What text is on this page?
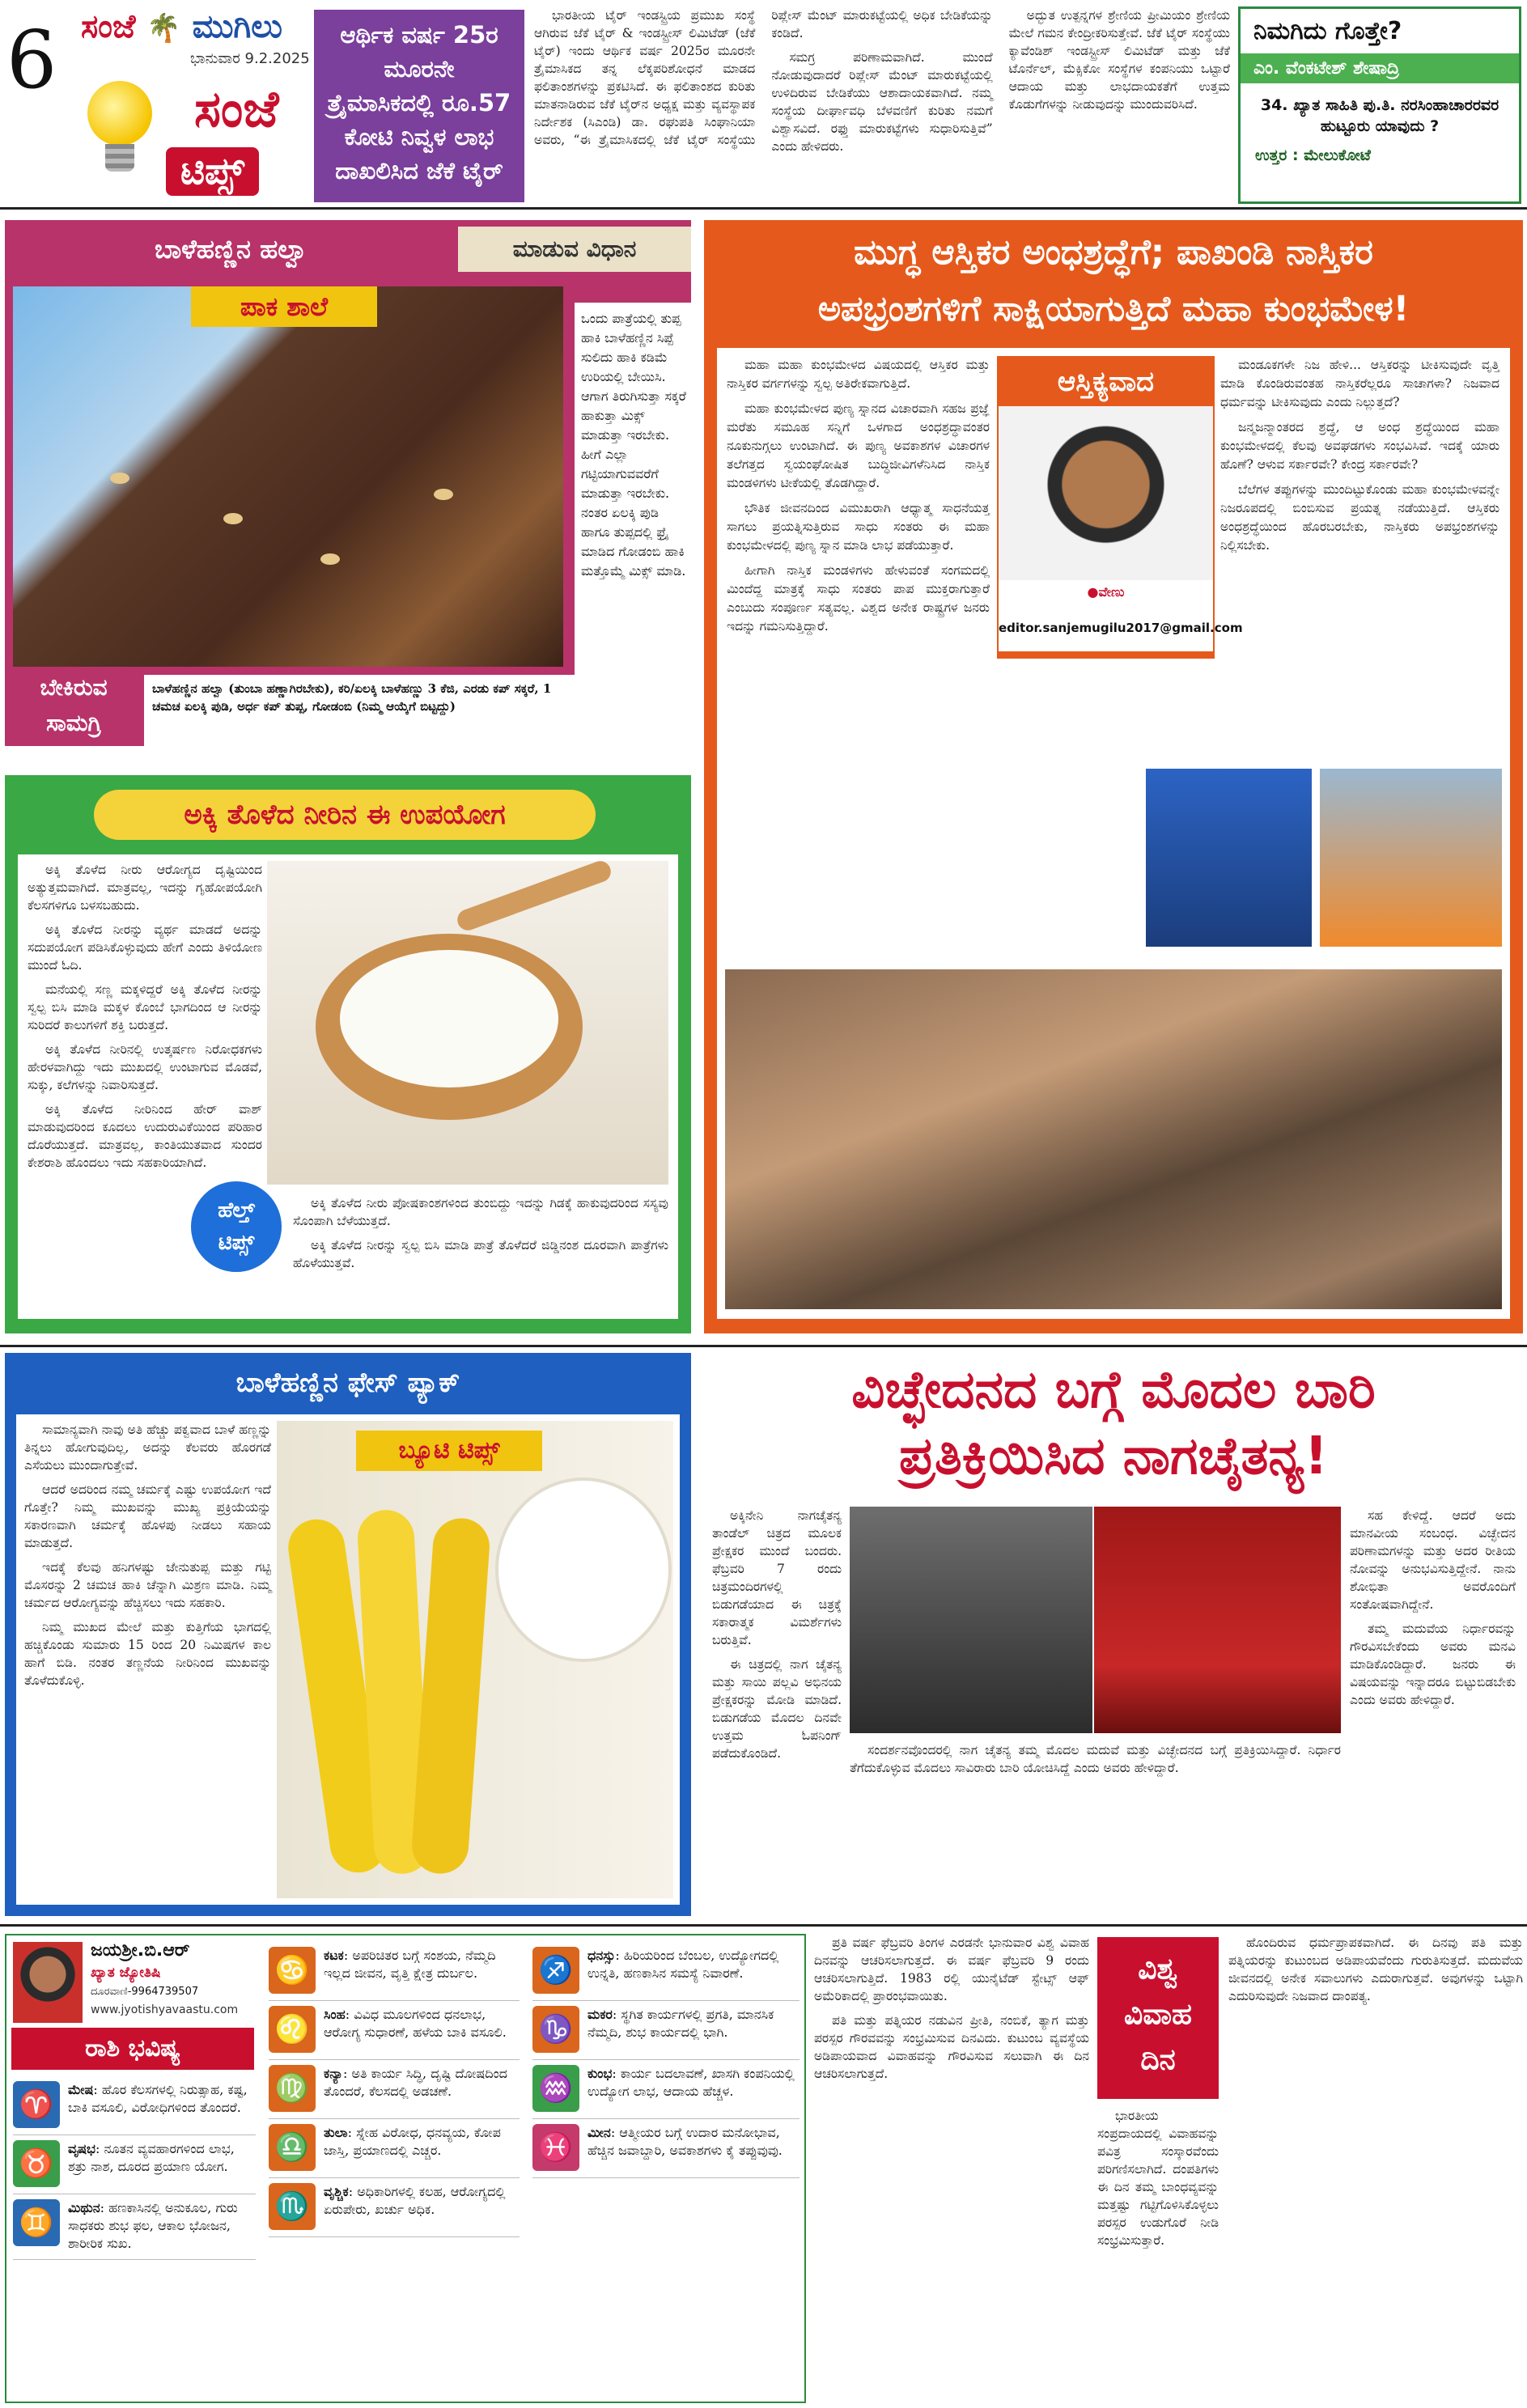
6 ಸಂಜೆ 🌴 ಮುಗಿಲು
ಭಾನುವಾರ 9.2.2025
ಸಂಜೆ
ಟಿಪ್ಸ್
ಆರ್ಥಿಕ ವರ್ಷ 25ರ ಮೂರನೇ ತ್ರೈಮಾಸಿಕದಲ್ಲಿ ರೂ.57 ಕೋಟಿ ನಿವ್ವಳ ಲಾಭ ದಾಖಲಿಸಿದ ಜೆಕೆ ಟೈರ್

ಭಾರತೀಯ ಟೈರ್ ಇಂಡಸ್ಟ್ರಿಯ ಪ್ರಮುಖ ಸಂಸ್ಥೆ ಆಗಿರುವ ಜೆಕೆ ಟೈರ್ & ಇಂಡಸ್ಟ್ರೀಸ್ ಲಿಮಿಟೆಡ್ (ಜೆಕೆ ಟೈರ್) ಇಂದು ಆರ್ಥಿಕ ವರ್ಷ 2025ರ ಮೂರನೇ ತ್ರೈಮಾಸಿಕದ ತನ್ನ ಲೆಕ್ಕಪರಿಶೋಧನೆ ಮಾಡದ ಫಲಿತಾಂಶಗಳನ್ನು ಪ್ರಕಟಿಸಿದೆ. ಈ ಫಲಿತಾಂಶದ ಕುರಿತು ಮಾತನಾಡಿರುವ ಜೆಕೆ ಟೈರ್‌ನ ಅಧ್ಯಕ್ಷ ಮತ್ತು ವ್ಯವಸ್ಥಾಪಕ ನಿರ್ದೇಶಕ (ಸಿಎಂಡಿ) ಡಾ. ರಘುಪತಿ ಸಿಂಘಾನಿಯಾ ಅವರು, “ಈ ತ್ರೈಮಾಸಿಕದಲ್ಲಿ ಜೆಕೆ ಟೈರ್ ಸಂಸ್ಥೆಯು ರಿಪ್ಲೇಸ್ ಮೆಂಟ್ ಮಾರುಕಟ್ಟೆಯಲ್ಲಿ ಅಧಿಕ ಬೇಡಿಕೆಯನ್ನು ಕಂಡಿದೆ.

ಸಮಗ್ರ ಪರಿಣಾಮವಾಗಿದೆ. ಮುಂದೆ ನೋಡುವುದಾದರೆ ರಿಪ್ಲೇಸ್ ಮೆಂಟ್ ಮಾರುಕಟ್ಟೆಯಲ್ಲಿ ಉಳಿದಿರುವ ಬೇಡಿಕೆಯು ಆಶಾದಾಯಕವಾಗಿದೆ. ನಮ್ಮ ಸಂಸ್ಥೆಯ ದೀರ್ಘಾವಧಿ ಬೆಳವಣಿಗೆ ಕುರಿತು ನಮಗೆ ವಿಶ್ವಾಸವಿದೆ. ರಫ್ತು ಮಾರುಕಟ್ಟೆಗಳು ಸುಧಾರಿಸುತ್ತಿವೆ” ಎಂದು ಹೇಳಿದರು.

ಅದ್ಭುತ ಉತ್ಪನ್ನಗಳ ಶ್ರೇಣಿಯ ಪ್ರೀಮಿಯಂ ಶ್ರೇಣಿಯ ಮೇಲೆ ಗಮನ ಕೇಂದ್ರೀಕರಿಸುತ್ತೇವೆ. ಜೆಕೆ ಟೈರ್ ಸಂಸ್ಥೆಯು ಕ್ಯಾವೆಂಡಿಶ್ ಇಂಡಸ್ಟ್ರೀಸ್ ಲಿಮಿಟೆಡ್ ಮತ್ತು ಜೆಕೆ ಟೊರ್ನೆಲ್, ಮೆಕ್ಸಿಕೋ ಸಂಸ್ಥೆಗಳ ಕಂಪನಿಯು ಒಟ್ಟಾರೆ ಆದಾಯ ಮತ್ತು ಲಾಭದಾಯಕತೆಗೆ ಉತ್ತಮ ಕೊಡುಗೆಗಳನ್ನು ನೀಡುವುದನ್ನು ಮುಂದುವರಿಸಿದೆ.

ನಿಮಗಿದು ಗೊತ್ತೇ?
ಎಂ. ವೆಂಕಟೇಶ್ ಶೇಷಾದ್ರಿ
34. ಖ್ಯಾತ ಸಾಹಿತಿ ಪು.ತಿ. ನರಸಿಂಹಾಚಾರರವರ ಹುಟ್ಟೂರು ಯಾವುದು ?
ಉತ್ತರ : ಮೇಲುಕೋಟೆ
ಬಾಳೆಹಣ್ಣಿನ ಹಲ್ವಾ	ಮಾಡುವ ವಿಧಾನ
ಪಾಕ ಶಾಲೆ	ಒಂದು ಪಾತ್ರೆಯಲ್ಲಿ ತುಪ್ಪ ಹಾಕಿ ಬಾಳೆಹಣ್ಣಿನ ಸಿಪ್ಪೆ ಸುಲಿದು ಹಾಕಿ ಕಡಿಮೆ ಉರಿಯಲ್ಲಿ ಬೇಯಿಸಿ. ಆಗಾಗ ತಿರುಗಿಸುತ್ತಾ ಸಕ್ಕರೆ ಹಾಕುತ್ತಾ ಮಿಕ್ಸ್ ಮಾಡುತ್ತಾ ಇರಬೇಕು. ಹೀಗೆ ಎಲ್ಲಾ ಗಟ್ಟಿಯಾಗುವವರೆಗೆ ಮಾಡುತ್ತಾ ಇರಬೇಕು. ನಂತರ ಏಲಕ್ಕಿ ಪುಡಿ ಹಾಗೂ ತುಪ್ಪದಲ್ಲಿ ಫ್ರೈ ಮಾಡಿದ ಗೋಡಂಬಿ ಹಾಕಿ ಮತ್ತೊಮ್ಮೆ ಮಿಕ್ಸ್ ಮಾಡಿ.
ಬೇಕಿರುವ ಸಾಮಗ್ರಿ
ಬಾಳೆಹಣ್ಣಿನ ಹಲ್ವಾ (ತುಂಬಾ ಹಣ್ಣಾಗಿರಬೇಕು), ಕರಿ/ಏಲಕ್ಕಿ ಬಾಳೆಹಣ್ಣು 3 ಕೆಜಿ, ಎರಡು ಕಪ್ ಸಕ್ಕರೆ, 1 ಚಮಚ ಏಲಕ್ಕಿ ಪುಡಿ, ಅರ್ಧ ಕಪ್ ತುಪ್ಪ, ಗೋಡಂಬಿ (ನಿಮ್ಮ ಆಯ್ಕೆಗೆ ಬಿಟ್ಟದ್ದು)
ಅಕ್ಕಿ ತೊಳೆದ ನೀರಿನ ಈ ಉಪಯೋಗ

ಅಕ್ಕಿ ತೊಳೆದ ನೀರು ಆರೋಗ್ಯದ ದೃಷ್ಟಿಯಿಂದ ಅತ್ಯುತ್ತಮವಾಗಿದೆ. ಮಾತ್ರವಲ್ಲ, ಇದನ್ನು ಗೃಹೋಪಯೋಗಿ ಕೆಲಸಗಳಿಗೂ ಬಳಸಬಹುದು.

ಅಕ್ಕಿ ತೊಳೆದ ನೀರನ್ನು ವ್ಯರ್ಥ ಮಾಡದೆ ಅದನ್ನು ಸದುಪಯೋಗ ಪಡಿಸಿಕೊಳ್ಳುವುದು ಹೇಗೆ ಎಂದು ತಿಳಿಯೋಣ ಮುಂದೆ ಓದಿ.

ಮನೆಯಲ್ಲಿ ಸಣ್ಣ ಮಕ್ಕಳಿದ್ದರೆ ಅಕ್ಕಿ ತೊಳೆದ ನೀರನ್ನು ಸ್ವಲ್ಪ ಬಿಸಿ ಮಾಡಿ ಮಕ್ಕಳ ಕೊಂಬೆ ಭಾಗದಿಂದ ಆ ನೀರನ್ನು ಸುರಿದರೆ ಕಾಲುಗಳಿಗೆ ಶಕ್ತಿ ಬರುತ್ತದೆ.

ಅಕ್ಕಿ ತೊಳೆದ ನೀರಿನಲ್ಲಿ ಉತ್ಕರ್ಷಣ ನಿರೋಧಕಗಳು ಹೇರಳವಾಗಿದ್ದು ಇದು ಮುಖದಲ್ಲಿ ಉಂಟಾಗುವ ಮೊಡವೆ, ಸುಕ್ಕು, ಕಲೆಗಳನ್ನು ನಿವಾರಿಸುತ್ತದೆ.

ಅಕ್ಕಿ ತೊಳೆದ ನೀರಿನಿಂದ ಹೇರ್ ವಾಶ್ ಮಾಡುವುದರಿಂದ ಕೂದಲು ಉದುರುವಿಕೆಯಿಂದ ಪರಿಹಾರ ದೊರೆಯುತ್ತದೆ. ಮಾತ್ರವಲ್ಲ, ಕಾಂತಿಯುತವಾದ ಸುಂದರ ಕೇಶರಾಶಿ ಹೊಂದಲು ಇದು ಸಹಕಾರಿಯಾಗಿದೆ.

ಹೆಲ್ತ್
ಟಿಪ್ಸ್

ಅಕ್ಕಿ ತೊಳೆದ ನೀರು ಪೋಷಕಾಂಶಗಳಿಂದ ತುಂಬಿದ್ದು ಇದನ್ನು ಗಿಡಕ್ಕೆ ಹಾಕುವುದರಿಂದ ಸಸ್ಯವು ಸೊಂಪಾಗಿ ಬೆಳೆಯುತ್ತದೆ.

ಅಕ್ಕಿ ತೊಳೆದ ನೀರನ್ನು ಸ್ವಲ್ಪ ಬಿಸಿ ಮಾಡಿ ಪಾತ್ರೆ ತೊಳೆದರೆ ಜಿಡ್ಡಿನಂಶ ದೂರವಾಗಿ ಪಾತ್ರೆಗಳು ಹೊಳೆಯುತ್ತವೆ.

ಮುಗ್ಧ ಆಸ್ತಿಕರ ಅಂಧಶ್ರದ್ಧೆಗೆ; ಪಾಖಂಡಿ ನಾಸ್ತಿಕರ
ಅಪಭ್ರಂಶಗಳಿಗೆ ಸಾಕ್ಷಿಯಾಗುತ್ತಿದೆ ಮಹಾ ಕುಂಭಮೇಳ!

ಮಹಾ ಮಹಾ ಕುಂಭಮೇಳದ ವಿಷಯದಲ್ಲಿ ಆಸ್ತಿಕರ ಮತ್ತು ನಾಸ್ತಿಕರ ವರ್ಗಗಳನ್ನು ಸ್ವಲ್ಪ ಅತಿರೇಕವಾಗುತ್ತಿದೆ.

ಮಹಾ ಕುಂಭಮೇಳದ ಪುಣ್ಯ ಸ್ನಾನದ ವಿಚಾರವಾಗಿ ಸಹಜ ಪ್ರಜ್ಞೆ ಮರೆತು ಸಮೂಹ ಸನ್ನಿಗೆ ಒಳಗಾದ ಅಂಧಶ್ರದ್ಧಾವಂತರ ನೂಕುನುಗ್ಗಲು ಉಂಟಾಗಿದೆ. ಈ ಪುಣ್ಯ ಅವಕಾಶಗಳ ವಿಚಾರಗಳ ತಲೆಗತ್ತದ ಸ್ವಯಂಘೋಷಿತ ಬುದ್ಧಿಜೀವಿಗಳೆನಿಸಿದ ನಾಸ್ತಿಕ ಮಂಡಳಿಗಳು ಟೀಕೆಯಲ್ಲಿ ತೊಡಗಿದ್ದಾರೆ.

ಭೌತಿಕ ಜೀವನದಿಂದ ವಿಮುಖರಾಗಿ ಆಧ್ಯಾತ್ಮ ಸಾಧನೆಯತ್ತ ಸಾಗಲು ಪ್ರಯತ್ನಿಸುತ್ತಿರುವ ಸಾಧು ಸಂತರು ಈ ಮಹಾ ಕುಂಭಮೇಳದಲ್ಲಿ ಪುಣ್ಯ ಸ್ನಾನ ಮಾಡಿ ಲಾಭ ಪಡೆಯುತ್ತಾರೆ.

ಹೀಗಾಗಿ ನಾಸ್ತಿಕ ಮಂಡಳಿಗಳು ಹೇಳುವಂತೆ ಸಂಗಮದಲ್ಲಿ ಮಿಂದೆದ್ದ ಮಾತ್ರಕ್ಕೆ ಸಾಧು ಸಂತರು ಪಾಪ ಮುಕ್ತರಾಗುತ್ತಾರೆ ಎಂಬುದು ಸಂಪೂರ್ಣ ಸತ್ಯವಲ್ಲ. ವಿಶ್ವದ ಅನೇಕ ರಾಷ್ಟ್ರಗಳ ಜನರು ಇದನ್ನು ಗಮನಿಸುತ್ತಿದ್ದಾರೆ.

ಆಸ್ತಿಕ್ಯವಾದ
●ವೇಣು
editor.sanjemugilu2017@gmail.com

ಮಂಡೂಕಗಳೇ ನಿಜ ಹೇಳಿ... ಆಸ್ತಿಕರನ್ನು ಟೀಕಿಸುವುದೇ ವೃತ್ತಿ ಮಾಡಿ ಕೊಂಡಿರುವಂತಹ ನಾಸ್ತಿಕರೆಲ್ಲರೂ ಸಾಚಾಗಳಾ? ನಿಜವಾದ ಧರ್ಮವನ್ನು ಟೀಕಿಸುವುದು ಎಂದು ನಿಲ್ಲುತ್ತದೆ?

ಜನ್ಮಜನ್ಮಾಂತರದ ಶ್ರದ್ಧೆ, ಆ ಅಂಧ ಶ್ರದ್ಧೆಯಿಂದ ಮಹಾ ಕುಂಭಮೇಳದಲ್ಲಿ ಕೆಲವು ಅವಘಡಗಳು ಸಂಭವಿಸಿವೆ. ಇದಕ್ಕೆ ಯಾರು ಹೊಣೆ? ಆಳುವ ಸರ್ಕಾರವೇ? ಕೇಂದ್ರ ಸರ್ಕಾರವೇ?

ಬೆಲೆಗಳ ತಪ್ಪುಗಳನ್ನು ಮುಂದಿಟ್ಟುಕೊಂಡು ಮಹಾ ಕುಂಭಮೇಳವನ್ನೇ ನಿಜರೂಪದಲ್ಲಿ ಬಿಂಬಿಸುವ ಪ್ರಯತ್ನ ನಡೆಯುತ್ತಿದೆ. ಆಸ್ತಿಕರು ಅಂಧಶ್ರದ್ಧೆಯಿಂದ ಹೊರಬರಬೇಕು, ನಾಸ್ತಿಕರು ಅಪಭ್ರಂಶಗಳನ್ನು ನಿಲ್ಲಿಸಬೇಕು.

ಬಾಳೆಹಣ್ಣಿನ ಫೇಸ್ ಪ್ಯಾಕ್

ಸಾಮಾನ್ಯವಾಗಿ ನಾವು ಅತಿ ಹೆಚ್ಚು ಪಕ್ವವಾದ ಬಾಳೆ ಹಣ್ಣನ್ನು ತಿನ್ನಲು ಹೋಗುವುದಿಲ್ಲ, ಅದನ್ನು ಕೆಲವರು ಹೊರಗಡೆ ಎಸೆಯಲು ಮುಂದಾಗುತ್ತೇವೆ.

ಆದರೆ ಅದರಿಂದ ನಮ್ಮ ಚರ್ಮಕ್ಕೆ ಎಷ್ಟು ಉಪಯೋಗ ಇದೆ ಗೊತ್ತೇ? ನಿಮ್ಮ ಮುಖವನ್ನು ಮುಖ್ಯ ಪ್ರಕ್ರಿಯೆಯನ್ನು ಸಕಾರಣವಾಗಿ ಚರ್ಮಕ್ಕೆ ಹೊಳಪು ನೀಡಲು ಸಹಾಯ ಮಾಡುತ್ತದೆ.

ಇದಕ್ಕೆ ಕೆಲವು ಹನಿಗಳಷ್ಟು ಜೇನುತುಪ್ಪ ಮತ್ತು ಗಟ್ಟಿ ಮೊಸರನ್ನು 2 ಚಮಚ ಹಾಕಿ ಚೆನ್ನಾಗಿ ಮಿಶ್ರಣ ಮಾಡಿ. ನಿಮ್ಮ ಚರ್ಮದ ಆರೋಗ್ಯವನ್ನು ಹೆಚ್ಚಿಸಲು ಇದು ಸಹಕಾರಿ.

ನಿಮ್ಮ ಮುಖದ ಮೇಲೆ ಮತ್ತು ಕುತ್ತಿಗೆಯ ಭಾಗದಲ್ಲಿ ಹಚ್ಚಿಕೊಂಡು ಸುಮಾರು 15 ರಿಂದ 20 ನಿಮಿಷಗಳ ಕಾಲ ಹಾಗೆ ಬಿಡಿ. ನಂತರ ತಣ್ಣನೆಯ ನೀರಿನಿಂದ ಮುಖವನ್ನು ತೊಳೆದುಕೊಳ್ಳಿ.

ಬ್ಯೂಟಿ ಟಿಪ್ಸ್
ವಿಚ್ಛೇದನದ ಬಗ್ಗೆ ಮೊದಲ ಬಾರಿ
ಪ್ರತಿಕ್ರಿಯಿಸಿದ ನಾಗಚೈತನ್ಯ!

ಅಕ್ಕಿನೇನಿ ನಾಗಚೈತನ್ಯ ತಾಂಡೆಲ್ ಚಿತ್ರದ ಮೂಲಕ ಪ್ರೇಕ್ಷಕರ ಮುಂದೆ ಬಂದರು. ಫೆಬ್ರವರಿ 7 ರಂದು ಚಿತ್ರಮಂದಿರಗಳಲ್ಲಿ ಬಿಡುಗಡೆಯಾದ ಈ ಚಿತ್ರಕ್ಕೆ ಸಕಾರಾತ್ಮಕ ವಿಮರ್ಶೆಗಳು ಬರುತ್ತಿವೆ.

ಈ ಚಿತ್ರದಲ್ಲಿ ನಾಗ ಚೈತನ್ಯ ಮತ್ತು ಸಾಯಿ ಪಲ್ಲವಿ ಅಭಿನಯ ಪ್ರೇಕ್ಷಕರನ್ನು ಮೋಡಿ ಮಾಡಿದೆ. ಬಿಡುಗಡೆಯ ಮೊದಲ ದಿನವೇ ಉತ್ತಮ ಓಪನಿಂಗ್ ಪಡೆದುಕೊಂಡಿದೆ.	ಸಂದರ್ಶನವೊಂದರಲ್ಲಿ ನಾಗ ಚೈತನ್ಯ ತಮ್ಮ ಮೊದಲ ಮದುವೆ ಮತ್ತು ವಿಚ್ಛೇದನದ ಬಗ್ಗೆ ಪ್ರತಿಕ್ರಿಯಿಸಿದ್ದಾರೆ. ನಿರ್ಧಾರ ತೆಗೆದುಕೊಳ್ಳುವ ಮೊದಲು ಸಾವಿರಾರು ಬಾರಿ ಯೋಚಿಸಿದ್ದೆ ಎಂದು ಅವರು ಹೇಳಿದ್ದಾರೆ.

ಸಹ ಕೇಳಿದ್ದೆ. ಆದರೆ ಅದು ಮಾನವೀಯ ಸಂಬಂಧ. ವಿಚ್ಛೇದನ ಪರಿಣಾಮಗಳನ್ನು ಮತ್ತು ಅದರ ರೀತಿಯ ನೋವನ್ನು ಅನುಭವಿಸುತ್ತಿದ್ದೇನೆ. ನಾನು ಶೋಭಿತಾ ಅವರೊಂದಿಗೆ ಸಂತೋಷವಾಗಿದ್ದೇನೆ.

ತಮ್ಮ ಮದುವೆಯ ನಿರ್ಧಾರವನ್ನು ಗೌರವಿಸಬೇಕೆಂದು ಅವರು ಮನವಿ ಮಾಡಿಕೊಂಡಿದ್ದಾರೆ. ಜನರು ಈ ವಿಷಯವನ್ನು ಇನ್ನಾದರೂ ಬಿಟ್ಟುಬಿಡಬೇಕು ಎಂದು ಅವರು ಹೇಳಿದ್ದಾರೆ.

ಜಯಶ್ರೀ.ಬಿ.ಆರ್
ಖ್ಯಾತ ಜ್ಯೋತಿಷಿ
ದೂರವಾಣಿ-9964739507
www.jyotishyavaastu.com
ರಾಶಿ ಭವಿಷ್ಯ
♈	ಮೇಷ: ಹೊರ ಕೆಲಸಗಳಲ್ಲಿ ನಿರುತ್ಸಾಹ, ಕಷ್ಟ, ಬಾಕಿ ವಸೂಲಿ, ವಿರೋಧಿಗಳಿಂದ ತೊಂದರೆ.
♉	ವೃಷಭ: ನೂತನ ವ್ಯವಹಾರಗಳಿಂದ ಲಾಭ, ಶತ್ರು ನಾಶ, ದೂರದ ಪ್ರಯಾಣ ಯೋಗ.
♊	ಮಿಥುನ: ಹಣಕಾಸಿನಲ್ಲಿ ಅನುಕೂಲ, ಗುರು ಸಾಧಕರು ಶುಭ ಫಲ, ಆಕಾಲ ಭೋಜನ, ಶಾರೀರಿಕ ಸುಖ.
♋	ಕಟಕ: ಅಪರಿಚಿತರ ಬಗ್ಗೆ ಸಂಶಯ, ನೆಮ್ಮದಿ ಇಲ್ಲದ ಜೀವನ, ವೃತ್ತಿ ಕ್ಷೇತ್ರ ದುರ್ಬಲ.
♌	ಸಿಂಹ: ವಿವಿಧ ಮೂಲಗಳಿಂದ ಧನಲಾಭ, ಆರೋಗ್ಯ ಸುಧಾರಣೆ, ಹಳೆಯ ಬಾಕಿ ವಸೂಲಿ.
♍	ಕನ್ಯಾ: ಅತಿ ಕಾರ್ಯ ಸಿದ್ಧಿ, ದೃಷ್ಟಿ ದೋಷದಿಂದ ತೊಂದರೆ, ಕೆಲಸದಲ್ಲಿ ಅಡಚಣೆ.
♎	ತುಲಾ: ಸ್ನೇಹ ವಿರೋಧ, ಧನವ್ಯಯ, ಕೋಪ ಜಾಸ್ತಿ, ಪ್ರಯಾಣದಲ್ಲಿ ಎಚ್ಚರ.
♏	ವೃಶ್ಚಿಕ: ಅಧಿಕಾರಿಗಳಲ್ಲಿ ಕಲಹ, ಆರೋಗ್ಯದಲ್ಲಿ ಏರುಪೇರು, ಖರ್ಚು ಅಧಿಕ.
♐	ಧನಸ್ಸು: ಹಿರಿಯರಿಂದ ಬೆಂಬಲ, ಉದ್ಯೋಗದಲ್ಲಿ ಉನ್ನತಿ, ಹಣಕಾಸಿನ ಸಮಸ್ಯೆ ನಿವಾರಣೆ.
♑	ಮಕರ: ಸ್ಥಗಿತ ಕಾರ್ಯಗಳಲ್ಲಿ ಪ್ರಗತಿ, ಮಾನಸಿಕ ನೆಮ್ಮದಿ, ಶುಭ ಕಾರ್ಯದಲ್ಲಿ ಭಾಗಿ.
♒	ಕುಂಭ: ಕಾರ್ಯ ಬದಲಾವಣೆ, ಖಾಸಗಿ ಕಂಪನಿಯಲ್ಲಿ ಉದ್ಯೋಗ ಲಾಭ, ಆದಾಯ ಹೆಚ್ಚಳ.
♓	ಮೀನ: ಆತ್ಮೀಯರ ಬಗ್ಗೆ ಉದಾರ ಮನೋಭಾವ, ಹೆಚ್ಚಿನ ಜವಾಬ್ದಾರಿ, ಅವಕಾಶಗಳು ಕೈ ತಪ್ಪುವುವು.

ಪ್ರತಿ ವರ್ಷ ಫೆಬ್ರವರಿ ತಿಂಗಳ ಎರಡನೇ ಭಾನುವಾರ ವಿಶ್ವ ವಿವಾಹ ದಿನವನ್ನು ಆಚರಿಸಲಾಗುತ್ತದೆ. ಈ ವರ್ಷ ಫೆಬ್ರವರಿ 9 ರಂದು ಆಚರಿಸಲಾಗುತ್ತಿದೆ. 1983 ರಲ್ಲಿ ಯುನೈಟೆಡ್ ಸ್ಟೇಟ್ಸ್ ಆಫ್ ಅಮೆರಿಕಾದಲ್ಲಿ ಪ್ರಾರಂಭವಾಯಿತು.

ಪತಿ ಮತ್ತು ಪತ್ನಿಯರ ನಡುವಿನ ಪ್ರೀತಿ, ನಂಬಿಕೆ, ತ್ಯಾಗ ಮತ್ತು ಪರಸ್ಪರ ಗೌರವವನ್ನು ಸಂಭ್ರಮಿಸುವ ದಿನವಿದು. ಕುಟುಂಬ ವ್ಯವಸ್ಥೆಯ ಅಡಿಪಾಯವಾದ ವಿವಾಹವನ್ನು ಗೌರವಿಸುವ ಸಲುವಾಗಿ ಈ ದಿನ ಆಚರಿಸಲಾಗುತ್ತದೆ.

ವಿಶ್ವ
ವಿವಾಹ
ದಿನ

ಭಾರತೀಯ ಸಂಪ್ರದಾಯದಲ್ಲಿ ವಿವಾಹವನ್ನು ಪವಿತ್ರ ಸಂಸ್ಕಾರವೆಂದು ಪರಿಗಣಿಸಲಾಗಿದೆ. ದಂಪತಿಗಳು ಈ ದಿನ ತಮ್ಮ ಬಾಂಧವ್ಯವನ್ನು ಮತ್ತಷ್ಟು ಗಟ್ಟಿಗೊಳಿಸಿಕೊಳ್ಳಲು ಪರಸ್ಪರ ಉಡುಗೊರೆ ನೀಡಿ ಸಂಭ್ರಮಿಸುತ್ತಾರೆ.

ಹೊಂದಿರುವ ಧರ್ಮಪ್ರಾಪಕವಾಗಿದೆ. ಈ ದಿನವು ಪತಿ ಮತ್ತು ಪತ್ನಿಯರನ್ನು ಕುಟುಂಬದ ಅಡಿಪಾಯವೆಂದು ಗುರುತಿಸುತ್ತದೆ. ಮದುವೆಯ ಜೀವನದಲ್ಲಿ ಅನೇಕ ಸವಾಲುಗಳು ಎದುರಾಗುತ್ತವೆ. ಅವುಗಳನ್ನು ಒಟ್ಟಾಗಿ ಎದುರಿಸುವುದೇ ನಿಜವಾದ ದಾಂಪತ್ಯ.
